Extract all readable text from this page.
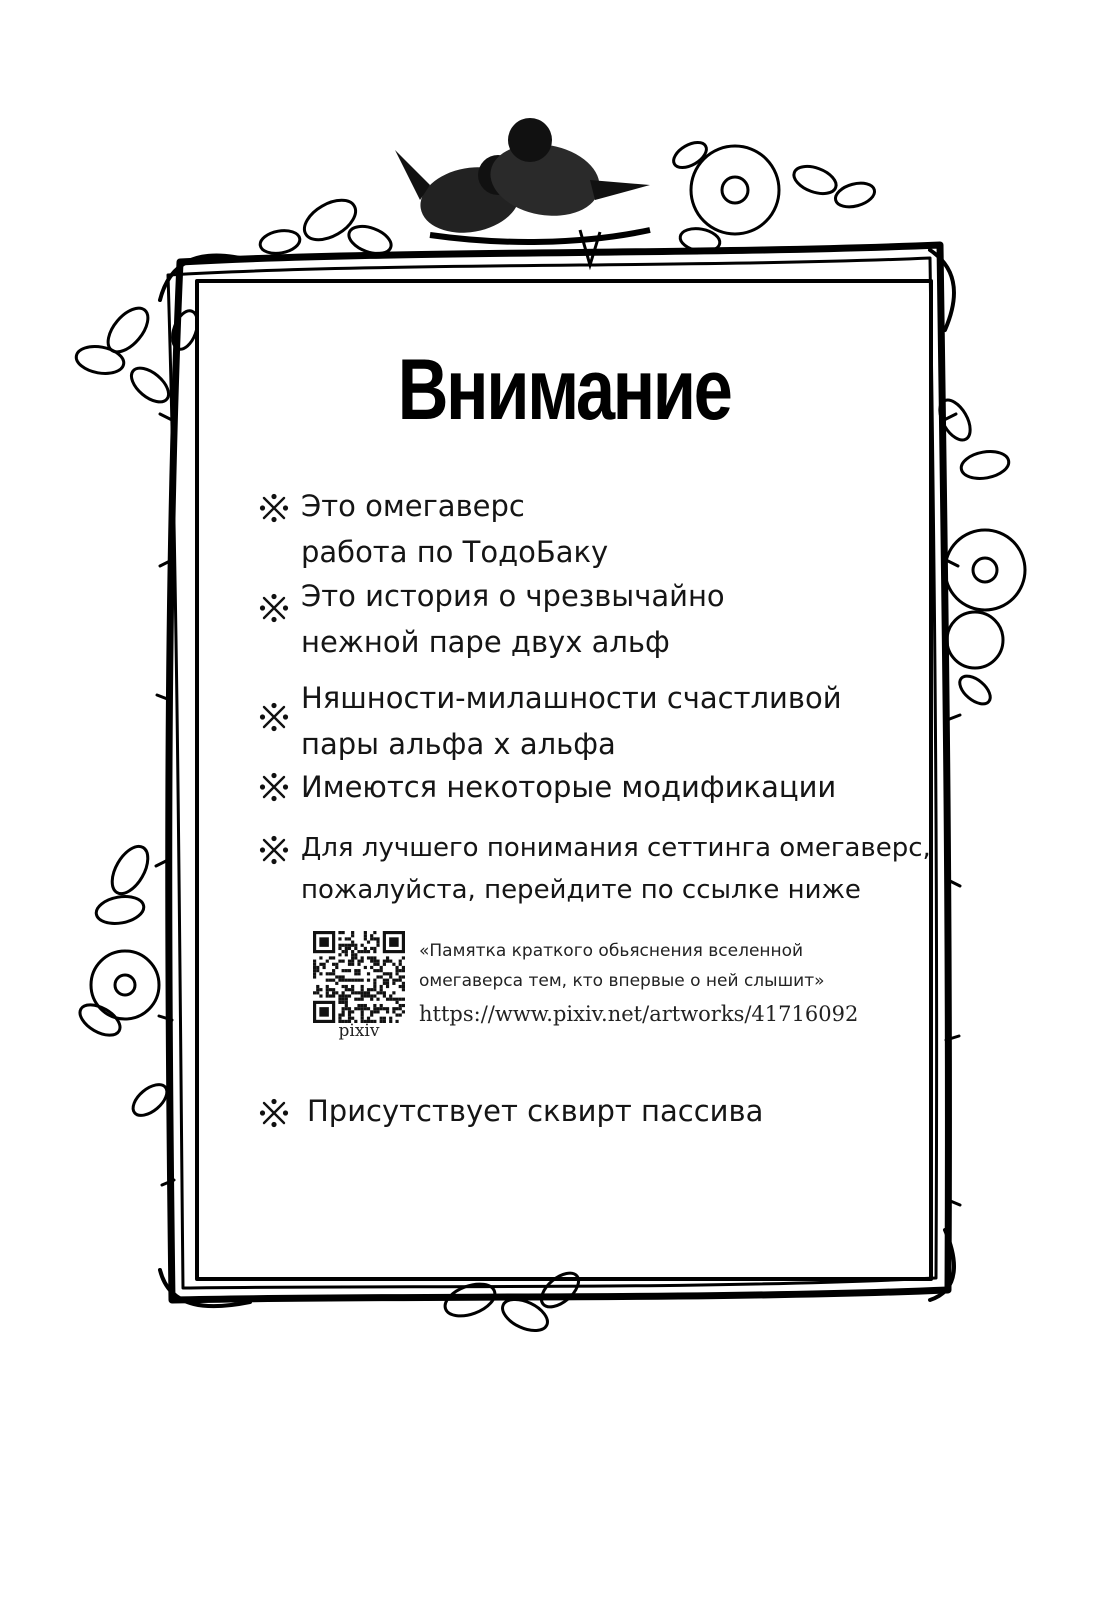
Внимание
Это омегаверс
работа по ТодоБаку
Это история о чрезвычайно
нежной паре двух альф
Няшности-милашности счастливой
пары альфа х альфа
Имеются некоторые модификации
Для лучшего понимания сеттинга омегаверс,
пожалуйста, перейдите по ссылке ниже
pixiv
«Памятка краткого обьяснения вселенной
омегаверса тем, кто впервые о ней слышит»
https://www.pixiv.net/artworks/41716092
Присутствует сквирт пассива
